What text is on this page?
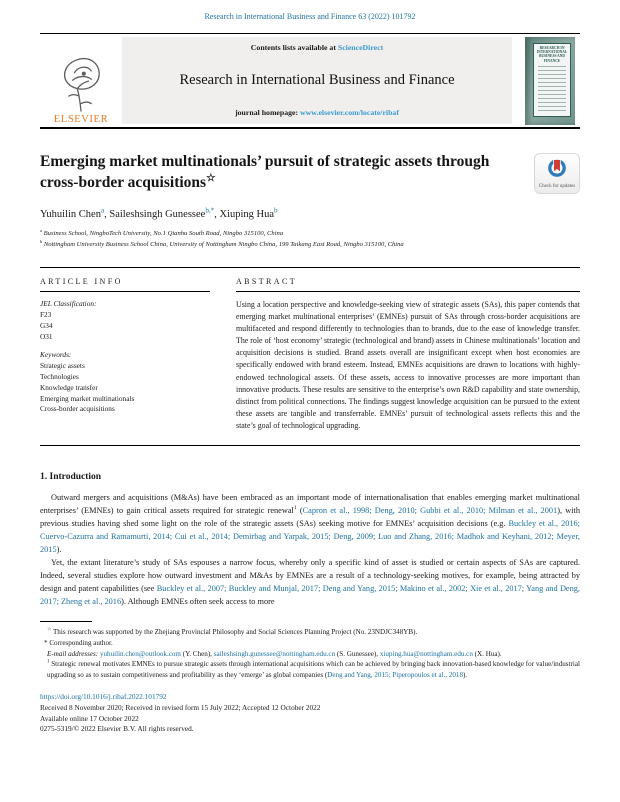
Research in International Business and Finance 63 (2022) 101792
ELSEVIER
Contents lists available at ScienceDirect
Research in International Business and Finance
journal homepage: www.elsevier.com/locate/ribaf
RESEARCH IN INTERNATIONAL BUSINESS AND FINANCE
Emerging market multinationals’ pursuit of strategic assets through cross-border acquisitions☆
Check for updates
Yuhuilin Chen$^a$, Saileshsingh Gunessee$^{b,*}$, Xiuping Hua$^b$
$^a$ Business School, NingboTech University, No.1 Qianhu South Road, Ningbo 315100, China
$^b$ Nottingham University Business School China, University of Nottingham Ningbo China, 199 Taikang East Road, Ningbo 315100, China
ARTICLE INFO
JEL Classification:
F23
G34
O31
Keywords:
Strategic assets
Technologies
Knowledge transfer
Emerging market multinationals
Cross-border acquisitions
ABSTRACT
Using a location perspective and knowledge-seeking view of strategic assets (SAs), this paper contends that emerging market multinational enterprises’ (EMNEs) pursuit of SAs through cross-border acquisitions are multifaceted and respond differently to technologies than to brands, due to the ease of knowledge transfer. The role of ‘host economy’ strategic (technological and brand) assets in Chinese multinationals’ location and acquisition decisions is studied. Brand assets overall are insignificant except when host economies are specifically endowed with brand esteem. Instead, EMNEs acquisitions are drawn to locations with highly-endowed technological assets. Of these assets, access to innovative processes are more important than innovative products. These results are sensitive to the enterprise’s own R&D capability and state ownership, distinct from political connections. The findings suggest knowledge acquisition can be pursued to the extent these assets are tangible and transferrable. EMNEs’ pursuit of technological assets reflects this and the state’s goal of technological upgrading.
1. Introduction

Outward mergers and acquisitions (M&As) have been embraced as an important mode of internationalisation that enables emerging market multinational enterprises’ (EMNEs) to gain critical assets required for strategic renewal$^1$ (Capron et al., 1998; Deng, 2010; Gubbi et al., 2010; Milman et al., 2001), with previous studies having shed some light on the role of the strategic assets (SAs) seeking motive for EMNEs’ acquisition decisions (e.g. Buckley et al., 2016; Cuervo-Cazurra and Ramamurti, 2014; Cui et al., 2014; Demirbag and Yarpak, 2015; Deng, 2009; Luo and Zhang, 2016; Madhok and Keyhani, 2012; Meyer, 2015).

Yet, the extant literature’s study of SAs espouses a narrow focus, whereby only a specific kind of asset is studied or certain aspects of SAs are captured. Indeed, several studies explore how outward investment and M&As by EMNEs are a result of a technology-seeking motives, for example, being attracted by design and patent capabilities (see Buckley et al., 2007; Buckley and Munjal, 2017; Deng and Yang, 2015; Makino et al., 2002; Xie et al., 2017; Yang and Deng, 2017; Zheng et al., 2016). Although EMNEs often seek access to more

☆ This research was supported by the Zhejiang Provincial Philosophy and Social Sciences Planning Project (No. 23NDJC348YB).
* Corresponding author.
E-mail addresses: yuhuilin.chen@outlook.com (Y. Chen), saileshsingh.gunessee@nottingham.edu.cn (S. Gunessee), xiuping.hua@nottingham.edu.cn (X. Hua).
$^1$ Strategic renewal motivates EMNEs to pursue strategic assets through international acquisitions which can be achieved by bringing back innovation-based knowledge for value/industrial upgrading so as to sustain competitiveness and profitability as they ‘emerge’ as global companies (Deng and Yang, 2015; Piperopoulos et al., 2018).
https://doi.org/10.1016/j.ribaf.2022.101792
Received 8 November 2020; Received in revised form 15 July 2022; Accepted 12 October 2022
Available online 17 October 2022
0275-5319/© 2022 Elsevier B.V. All rights reserved.
